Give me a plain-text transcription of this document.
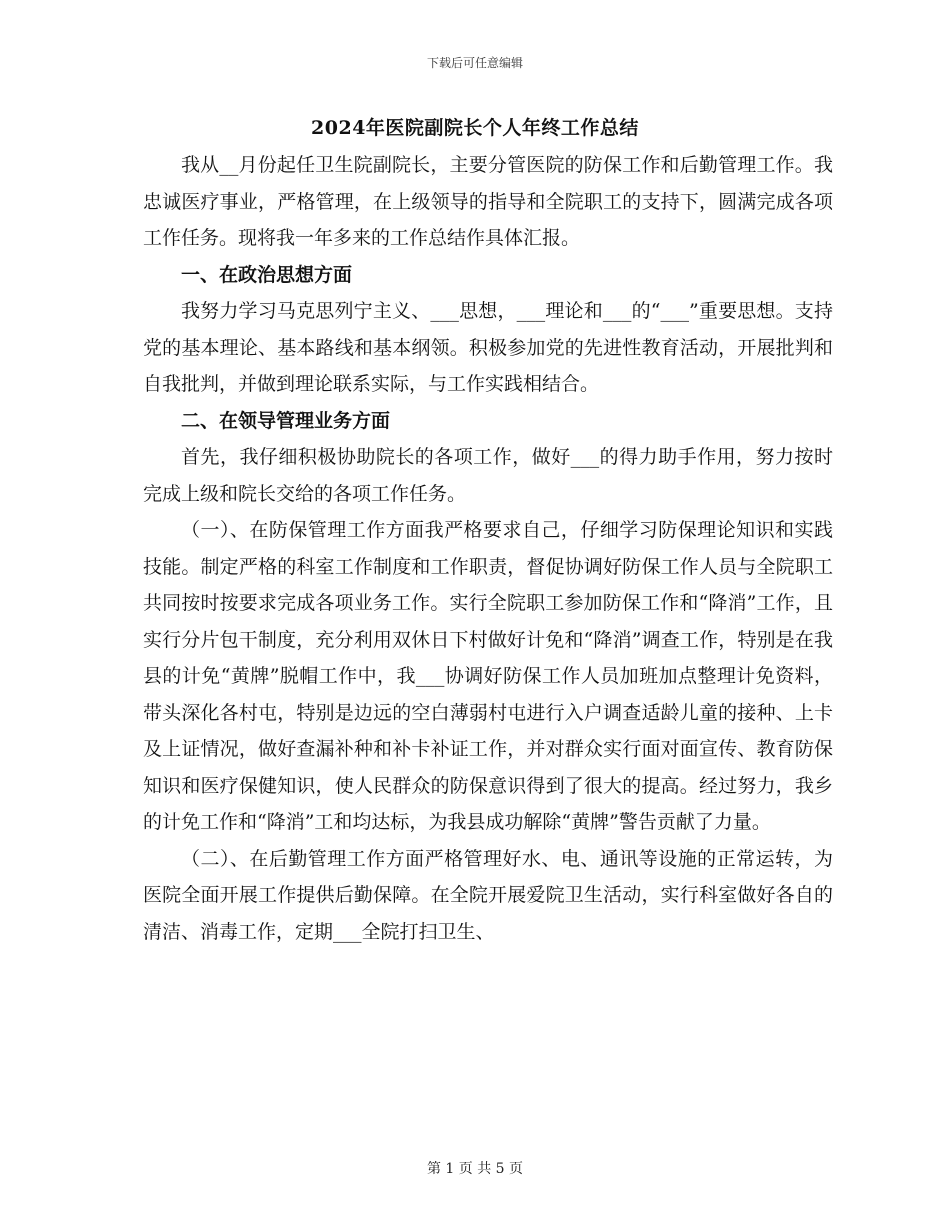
下载后可任意编辑
2024年医院副院长个人年终工作总结

我从__月份起任卫生院副院长，主要分管医院的防保工作和后勤管理工作。我忠诚医疗事业，严格管理，在上级领导的指导和全院职工的支持下，圆满完成各项工作任务。现将我一年多来的工作总结作具体汇报。

一、在政治思想方面

我努力学习马克思列宁主义、___思想，___理论和___的“___”重要思想。支持党的基本理论、基本路线和基本纲领。积极参加党的先进性教育活动，开展批判和自我批判，并做到理论联系实际，与工作实践相结合。

二、在领导管理业务方面

首先，我仔细积极协助院长的各项工作，做好___的得力助手作用，努力按时完成上级和院长交给的各项工作任务。

（一）、在防保管理工作方面我严格要求自己，仔细学习防保理论知识和实践技能。制定严格的科室工作制度和工作职责，督促协调好防保工作人员与全院职工共同按时按要求完成各项业务工作。实行全院职工参加防保工作和“降消”工作，且实行分片包干制度，充分利用双休日下村做好计免和“降消”调查工作，特别是在我县的计免“黄牌”脱帽工作中，我___协调好防保工作人员加班加点整理计免资料，带头深化各村屯，特别是边远的空白薄弱村屯进行入户调查适龄儿童的接种、上卡及上证情况，做好查漏补种和补卡补证工作，并对群众实行面对面宣传、教育防保知识和医疗保健知识，使人民群众的防保意识得到了很大的提高。经过努力，我乡的计免工作和“降消”工和均达标，为我县成功解除“黄牌”警告贡献了力量。

（二）、在后勤管理工作方面严格管理好水、电、通讯等设施的正常运转，为医院全面开展工作提供后勤保障。在全院开展爱院卫生活动，实行科室做好各自的清洁、消毒工作，定期___全院打扫卫生、

第 1 页 共 5 页
